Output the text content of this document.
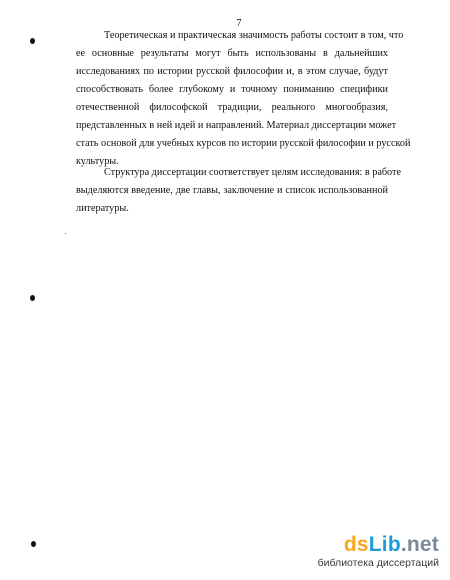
7
Теоретическая и практическая значимость работы состоит в том, что
ее основные результаты могут быть использованы в дальнейших
исследованиях по истории русской философии и, в этом случае, будут
способствовать более глубокому и точному пониманию специфики
отечественной философской традиции, реального многообразия,
представленных в ней идей и направлений. Материал диссертации может
стать основой для учебных курсов по истории русской философии и русской
культуры.
Структура диссертации соответствует целям исследования: в работе
выделяются введение, две главы, заключение и список использованной
литературы.
dsLib.net
библиотека диссертаций
